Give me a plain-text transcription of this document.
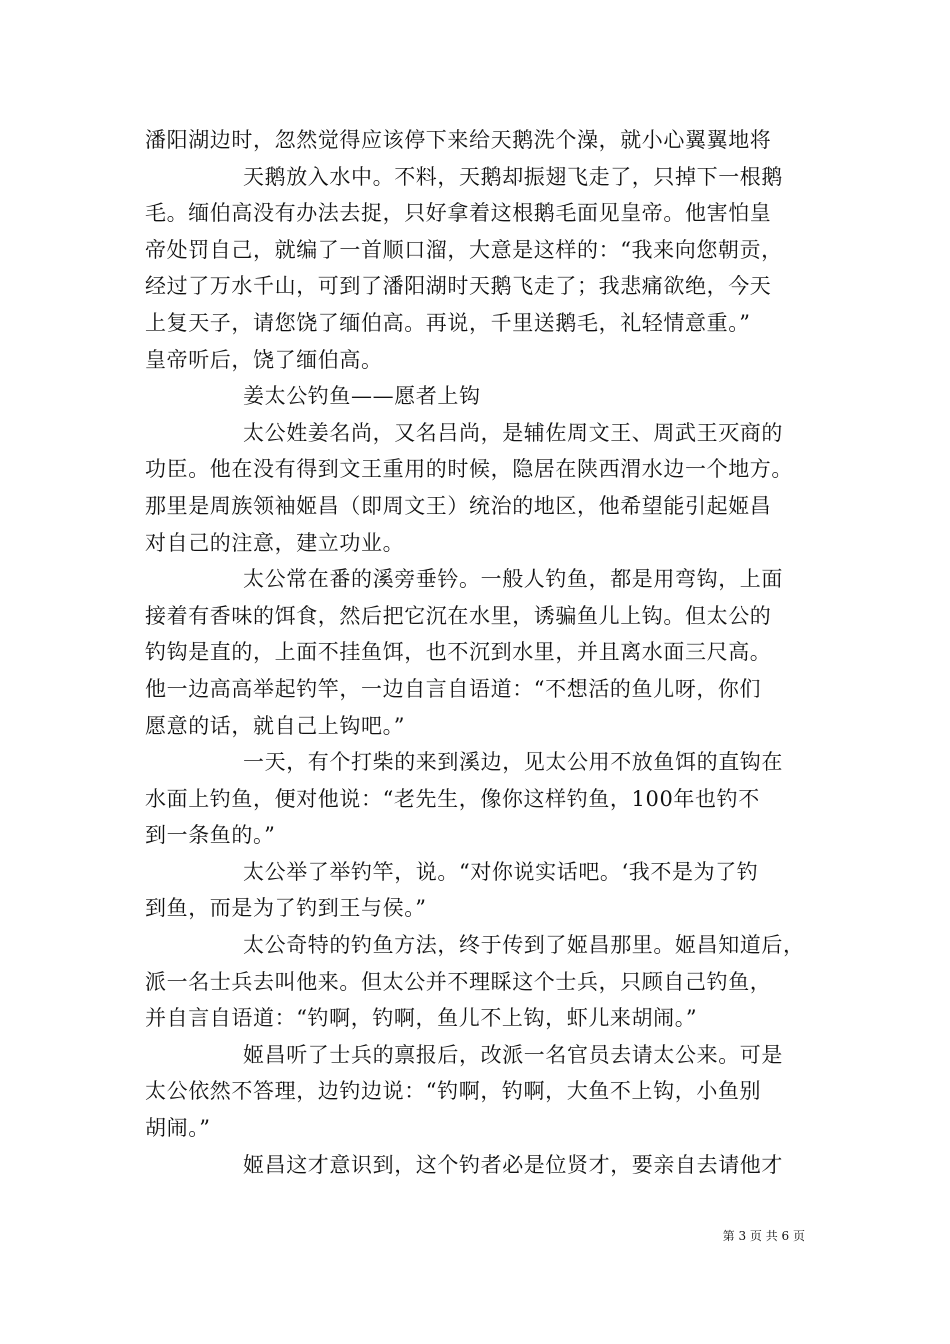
潘阳湖边时，忽然觉得应该停下来给天鹅洗个澡，就小心翼翼地将
天鹅放入水中。不料，天鹅却振翅飞走了，只掉下一根鹅
毛。缅伯高没有办法去捉，只好拿着这根鹅毛面见皇帝。他害怕皇
帝处罚自己，就编了一首顺口溜，大意是这样的：“我来向您朝贡，
经过了万水千山，可到了潘阳湖时天鹅飞走了；我悲痛欲绝，今天
上复天子，请您饶了缅伯高。再说，千里送鹅毛，礼轻情意重。”
皇帝听后，饶了缅伯高。
姜太公钓鱼——愿者上钩
太公姓姜名尚，又名吕尚，是辅佐周文王、周武王灭商的
功臣。他在没有得到文王重用的时候，隐居在陕西渭水边一个地方。
那里是周族领袖姬昌（即周文王）统治的地区，他希望能引起姬昌
对自己的注意，建立功业。
太公常在番的溪旁垂钤。一般人钓鱼，都是用弯钩，上面
接着有香味的饵食，然后把它沉在水里，诱骗鱼儿上钩。但太公的
钓钩是直的，上面不挂鱼饵，也不沉到水里，并且离水面三尺高。
他一边高高举起钓竿，一边自言自语道：“不想活的鱼儿呀，你们
愿意的话，就自己上钩吧。”
一天，有个打柴的来到溪边，见太公用不放鱼饵的直钩在
水面上钓鱼，便对他说：“老先生，像你这样钓鱼，100年也钓不
到一条鱼的。”
太公举了举钓竿，说。“对你说实话吧。‘我不是为了钓
到鱼，而是为了钓到王与侯。”
太公奇特的钓鱼方法，终于传到了姬昌那里。姬昌知道后，
派一名士兵去叫他来。但太公并不理睬这个士兵，只顾自己钓鱼，
并自言自语道：“钓啊，钓啊，鱼儿不上钩，虾儿来胡闹。”
姬昌听了士兵的禀报后，改派一名官员去请太公来。可是
太公依然不答理，边钓边说：“钓啊，钓啊，大鱼不上钩，小鱼别
胡闹。”
姬昌这才意识到，这个钓者必是位贤才，要亲自去请他才
第 3 页 共 6 页
